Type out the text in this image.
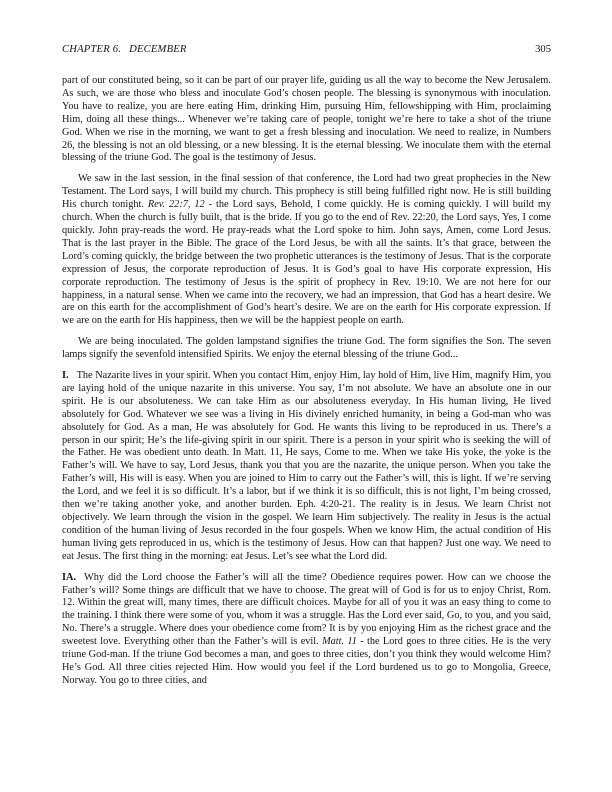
CHAPTER 6. DECEMBER	305

part of our constituted being, so it can be part of our prayer life, guiding us all the way to become the New Jerusalem. As such, we are those who bless and inoculate God’s chosen people. The blessing is synonymous with inoculation. You have to realize, you are here eating Him, drinking Him, pursuing Him, fellowshipping with Him, proclaiming Him, doing all these things... Whenever we’re taking care of people, tonight we’re here to take a shot of the triune God. When we rise in the morning, we want to get a fresh blessing and inoculation. We need to realize, in Numbers 26, the blessing is not an old blessing, or a new blessing. It is the eternal blessing. We inoculate them with the eternal blessing of the triune God. The goal is the testimony of Jesus.

We saw in the last session, in the final session of that conference, the Lord had two great prophecies in the New Testament. The Lord says, I will build my church. This prophecy is still being fulfilled right now. He is still building His church tonight. Rev. 22:7, 12 - the Lord says, Behold, I come quickly. He is coming quickly. I will build my church. When the church is fully built, that is the bride. If you go to the end of Rev. 22:20, the Lord says, Yes, I come quickly. John pray-reads the word. He pray-reads what the Lord spoke to him. John says, Amen, come Lord Jesus. That is the last prayer in the Bible. The grace of the Lord Jesus, be with all the saints. It’s that grace, between the Lord’s coming quickly, the bridge between the two prophetic utterances is the testimony of Jesus. That is the corporate expression of Jesus, the corporate reproduction of Jesus. It is God’s goal to have His corporate expression, His corporate reproduction. The testimony of Jesus is the spirit of prophecy in Rev. 19:10. We are not here for our happiness, in a natural sense. When we came into the recovery, we had an impression, that God has a heart desire. We are on this earth for the accomplishment of God’s heart’s desire. We are on the earth for His corporate expression. If we are on the earth for His happiness, then we will be the happiest people on earth.

We are being inoculated. The golden lampstand signifies the triune God. The form signifies the Son. The seven lamps signify the sevenfold intensified Spirits. We enjoy the eternal blessing of the triune God...

I. The Nazarite lives in your spirit. When you contact Him, enjoy Him, lay hold of Him, live Him, magnify Him, you are laying hold of the unique nazarite in this universe. You say, I’m not absolute. We have an absolute one in our spirit. He is our absoluteness. We can take Him as our absoluteness everyday. In His human living, He lived absolutely for God. Whatever we see was a living in His divinely enriched humanity, in being a God-man who was absolutely for God. As a man, He was absolutely for God. He wants this living to be reproduced in us. There’s a person in our spirit; He’s the life-giving spirit in our spirit. There is a person in your spirit who is seeking the will of the Father. He was obedient unto death. In Matt. 11, He says, Come to me. When we take His yoke, the yoke is the Father’s will. We have to say, Lord Jesus, thank you that you are the nazarite, the unique person. When you take the Father’s will, His will is easy. When you are joined to Him to carry out the Father’s will, this is light. If we’re serving the Lord, and we feel it is so difficult. It’s a labor, but if we think it is so difficult, this is not light, I’m being crossed, then we’re taking another yoke, and another burden. Eph. 4:20-21. The reality is in Jesus. We learn Christ not objectively. We learn through the vision in the gospel. We learn Him subjectively. The reality in Jesus is the actual condition of the human living of Jesus recorded in the four gospels. When we know Him, the actual condition of His human living gets reproduced in us, which is the testimony of Jesus. How can that happen? Just one way. We need to eat Jesus. The first thing in the morning: eat Jesus. Let’s see what the Lord did.

IA. Why did the Lord choose the Father’s will all the time? Obedience requires power. How can we choose the Father’s will? Some things are difficult that we have to choose. The great will of God is for us to enjoy Christ, Rom. 12. Within the great will, many times, there are difficult choices. Maybe for all of you it was an easy thing to come to the training. I think there were some of you, whom it was a struggle. Has the Lord ever said, Go, to you, and you said, No. There’s a struggle. Where does your obedience come from? It is by you enjoying Him as the richest grace and the sweetest love. Everything other than the Father’s will is evil. Matt. 11 - the Lord goes to three cities. He is the very triune God-man. If the triune God becomes a man, and goes to three cities, don’t you think they would welcome Him? He’s God. All three cities rejected Him. How would you feel if the Lord burdened us to go to Mongolia, Greece, Norway. You go to three cities, and
